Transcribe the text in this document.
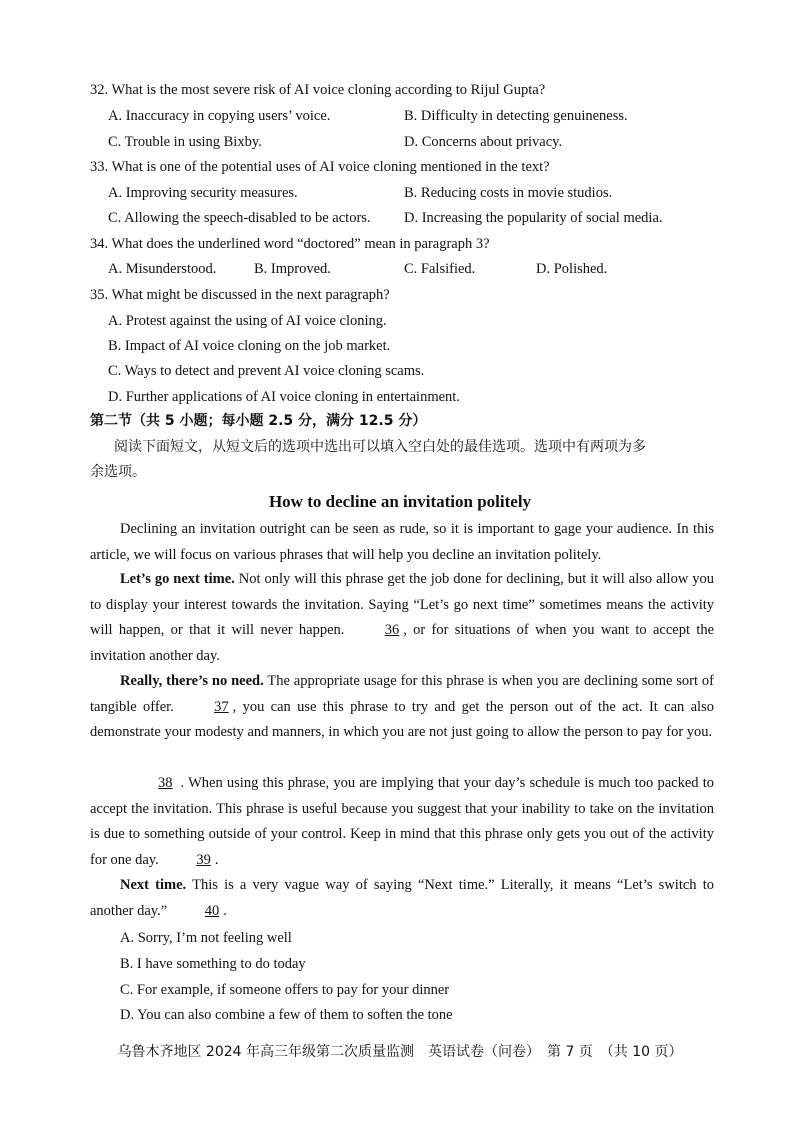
32. What is the most severe risk of AI voice cloning according to Rijul Gupta?
A. Inaccuracy in copying users’ voice.	B. Difficulty in detecting genuineness.
C. Trouble in using Bixby.	D. Concerns about privacy.
33. What is one of the potential uses of AI voice cloning mentioned in the text?
A. Improving security measures.	B. Reducing costs in movie studios.
C. Allowing the speech-disabled to be actors. D. Increasing the popularity of social media.
34. What does the underlined word “doctored” mean in paragraph 3?
A. Misunderstood.	B. Improved.	C. Falsified.	D. Polished.
35. What might be discussed in the next paragraph?
A. Protest against the using of AI voice cloning.
B. Impact of AI voice cloning on the job market.
C. Ways to detect and prevent AI voice cloning scams.
D. Further applications of AI voice cloning in entertainment.
第二节（共 5 小题；每小题 2.5 分，满分 12.5 分）
阅读下面短文，从短文后的选项中选出可以填入空白处的最佳选项。选项中有两项为多
余选项。
How to decline an invitation politely
Declining an invitation outright can be seen as rude, so it is important to gage your audience. In this article, we will focus on various phrases that will help you decline an invitation politely.
Let’s go next time. Not only will this phrase get the job done for declining, but it will also allow you to display your interest towards the invitation. Saying “Let’s go next time” sometimes means the activity will happen, or that it will never happen. 36 , or for situations of when you want to accept the invitation another day.
Really, there’s no need. The appropriate usage for this phrase is when you are declining some sort of tangible offer. 37 , you can use this phrase to try and get the person out of the act. It can also demonstrate your modesty and manners, in which you are not just going to allow the person to pay for you.
38 . When using this phrase, you are implying that your day’s schedule is much too packed to accept the invitation. This phrase is useful because you suggest that your inability to take on the invitation is due to something outside of your control. Keep in mind that this phrase only gets you out of the activity for one day. 39 .
Next time. This is a very vague way of saying “Next time.” Literally, it means “Let’s switch to another day.” 40 .
A. Sorry, I’m not feeling well
B. I have something to do today
C. For example, if someone offers to pay for your dinner
D. You can also combine a few of them to soften the tone
乌鲁木齐地区 2024 年高三年级第二次质量监测　英语试卷（问卷）　第 7 页　（共 10 页）
